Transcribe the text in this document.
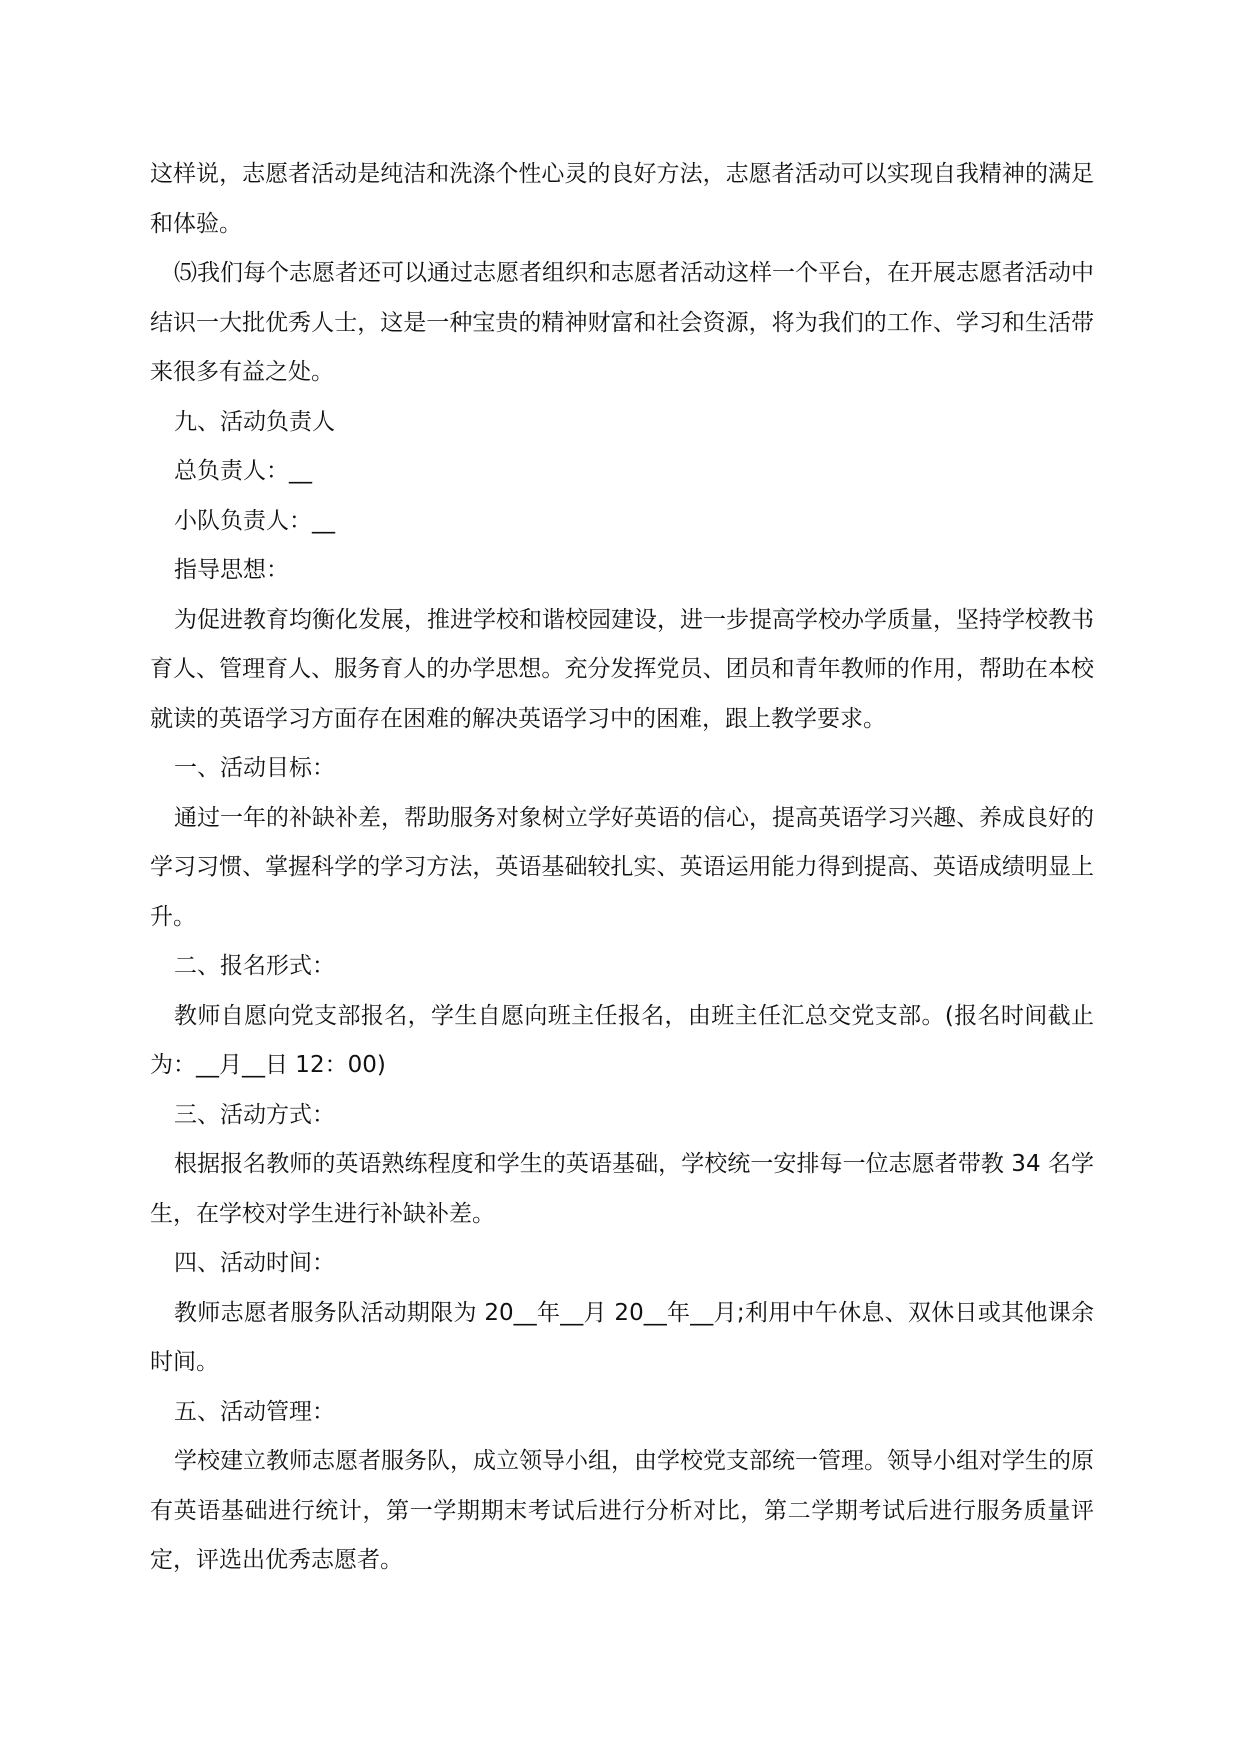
这样说，志愿者活动是纯洁和洗涤个性心灵的良好方法，志愿者活动可以实现自我精神的满足和体验。

⑸我们每个志愿者还可以通过志愿者组织和志愿者活动这样一个平台，在开展志愿者活动中结识一大批优秀人士，这是一种宝贵的精神财富和社会资源，将为我们的工作、学习和生活带来很多有益之处。

九、活动负责人

总负责人：__

小队负责人：__

指导思想：

为促进教育均衡化发展，推进学校和谐校园建设，进一步提高学校办学质量，坚持学校教书育人、管理育人、服务育人的办学思想。充分发挥党员、团员和青年教师的作用，帮助在本校就读的英语学习方面存在困难的解决英语学习中的困难，跟上教学要求。

一、活动目标：

通过一年的补缺补差，帮助服务对象树立学好英语的信心，提高英语学习兴趣、养成良好的学习习惯、掌握科学的学习方法，英语基础较扎实、英语运用能力得到提高、英语成绩明显上升。

二、报名形式：

教师自愿向党支部报名，学生自愿向班主任报名，由班主任汇总交党支部。(报名时间截止为：__月__日 12：00)

三、活动方式：

根据报名教师的英语熟练程度和学生的英语基础，学校统一安排每一位志愿者带教 34 名学生，在学校对学生进行补缺补差。

四、活动时间：

教师志愿者服务队活动期限为 20__年__月 20__年__月;利用中午休息、双休日或其他课余时间。

五、活动管理：

学校建立教师志愿者服务队，成立领导小组，由学校党支部统一管理。领导小组对学生的原有英语基础进行统计，第一学期期末考试后进行分析对比，第二学期考试后进行服务质量评定，评选出优秀志愿者。
